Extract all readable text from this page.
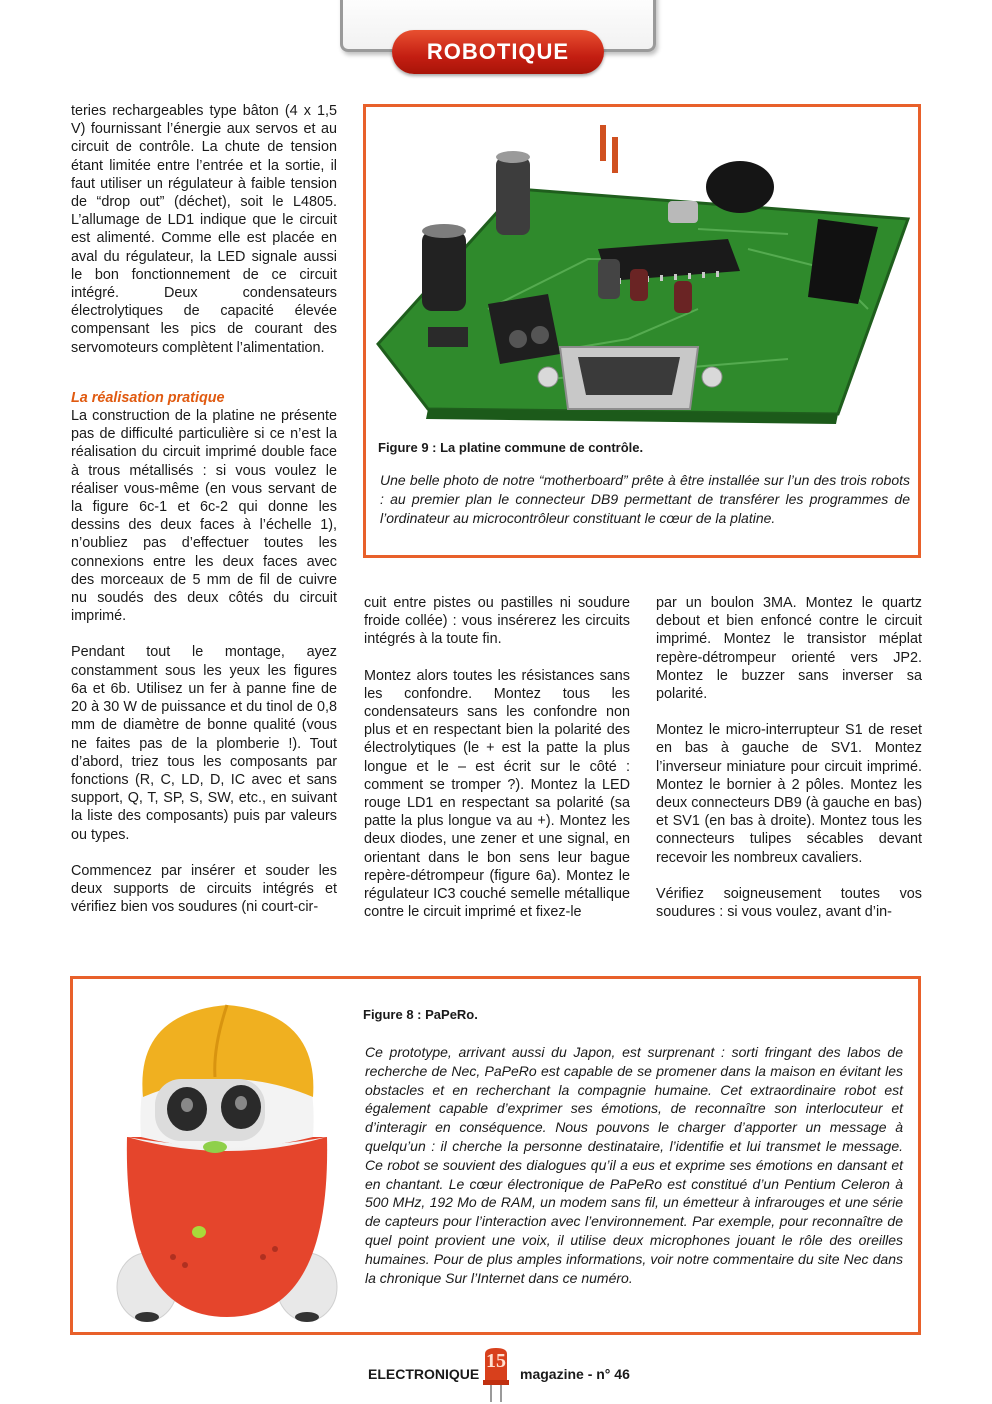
ROBOTIQUE

teries rechargeables type bâton (4 x 1,5 V) fournissant l’énergie aux servos et au circuit de contrôle. La chute de tension étant limitée entre l’entrée et la sortie, il faut utiliser un régulateur à faible tension de “drop out” (déchet), soit le L4805. L’allumage de LD1 indique que le circuit est alimenté. Comme elle est placée en aval du régulateur, la LED signale aussi le bon fonctionnement de ce circuit intégré. Deux condensateurs électrolytiques de capacité élevée compensant les pics de courant des servomoteurs complètent l’alimentation.

La réalisation pratique

La construction de la platine ne présente pas de difficulté particulière si ce n’est la réalisation du circuit imprimé double face à trous métallisés : si vous voulez le réaliser vous-même (en vous servant de la figure 6c-1 et 6c-2 qui donne les dessins des deux faces à l’échelle 1), n’oubliez pas d’effectuer toutes les connexions entre les deux faces avec des morceaux de 5 mm de fil de cuivre nu soudés des deux côtés du circuit imprimé.

Pendant tout le montage, ayez constamment sous les yeux les figures 6a et 6b. Utilisez un fer à panne fine de 20 à 30 W de puissance et du tinol de 0,8 mm de diamètre de bonne qualité (vous ne faites pas de la plomberie !). Tout d’abord, triez tous les composants par fonctions (R, C, LD, D, IC avec et sans support, Q, T, SP, S, SW, etc., en suivant la liste des composants) puis par valeurs ou types.

Commencez par insérer et souder les deux supports de circuits intégrés et vérifiez bien vos soudures (ni court-cir-

Figure 9 : La platine commune de contrôle.
Une belle photo de notre “motherboard” prête à être installée sur l’un des trois robots : au premier plan le connecteur DB9 permettant de transférer les programmes de l’ordinateur au microcontrôleur constituant le cœur de la platine.

cuit entre pistes ou pastilles ni soudure froide collée) : vous insérerez les circuits intégrés à la toute fin.

Montez alors toutes les résistances sans les confondre. Montez tous les condensateurs sans les confondre non plus et en respectant bien la polarité des électrolytiques (le + est la patte la plus longue et le – est écrit sur le côté : comment se tromper ?). Montez la LED rouge LD1 en respectant sa polarité (sa patte la plus longue va au +). Montez les deux diodes, une zener et une signal, en orientant dans le bon sens leur bague repère-détrompeur (figure 6a). Montez le régulateur IC3 couché semelle métallique contre le circuit imprimé et fixez-le

par un boulon 3MA. Montez le quartz debout et bien enfoncé contre le circuit imprimé. Montez le transistor méplat repère-détrompeur orienté vers JP2. Montez le buzzer sans inverser sa polarité.

Montez le micro-interrupteur S1 de reset en bas à gauche de SV1. Montez l’inverseur miniature pour circuit imprimé. Montez le bornier à 2 pôles. Montez les deux connecteurs DB9 (à gauche en bas) et SV1 (en bas à droite). Montez tous les connecteurs tulipes sécables devant recevoir les nombreux cavaliers.

Vérifiez soigneusement toutes vos soudures : si vous voulez, avant d’in-

Figure 8 : PaPeRo.
Ce prototype, arrivant aussi du Japon, est surprenant : sorti fringant des labos de recherche de Nec, PaPeRo est capable de se promener dans la maison en évitant les obstacles et en recherchant la compagnie humaine. Cet extraordinaire robot est également capable d’exprimer ses émotions, de reconnaître son interlocuteur et d’interagir en conséquence. Nous pouvons le charger d’apporter un message à quelqu’un : il cherche la personne destinataire, l’identifie et lui transmet le message. Ce robot se souvient des dialogues qu’il a eus et exprime ses émotions en dansant et en chantant. Le cœur électronique de PaPeRo est constitué d’un Pentium Celeron à 500 MHz, 192 Mo de RAM, un modem sans fil, un émetteur à infrarouges et une série de capteurs pour l’interaction avec l’environnement. Par exemple, pour reconnaître de quel point provient une voix, il utilise deux microphones jouant le rôle des oreilles humaines. Pour de plus amples informations, voir notre commentaire du site Nec dans la chronique Sur l’Internet dans ce numéro.
ELECTRONIQUE
15
magazine - n° 46
